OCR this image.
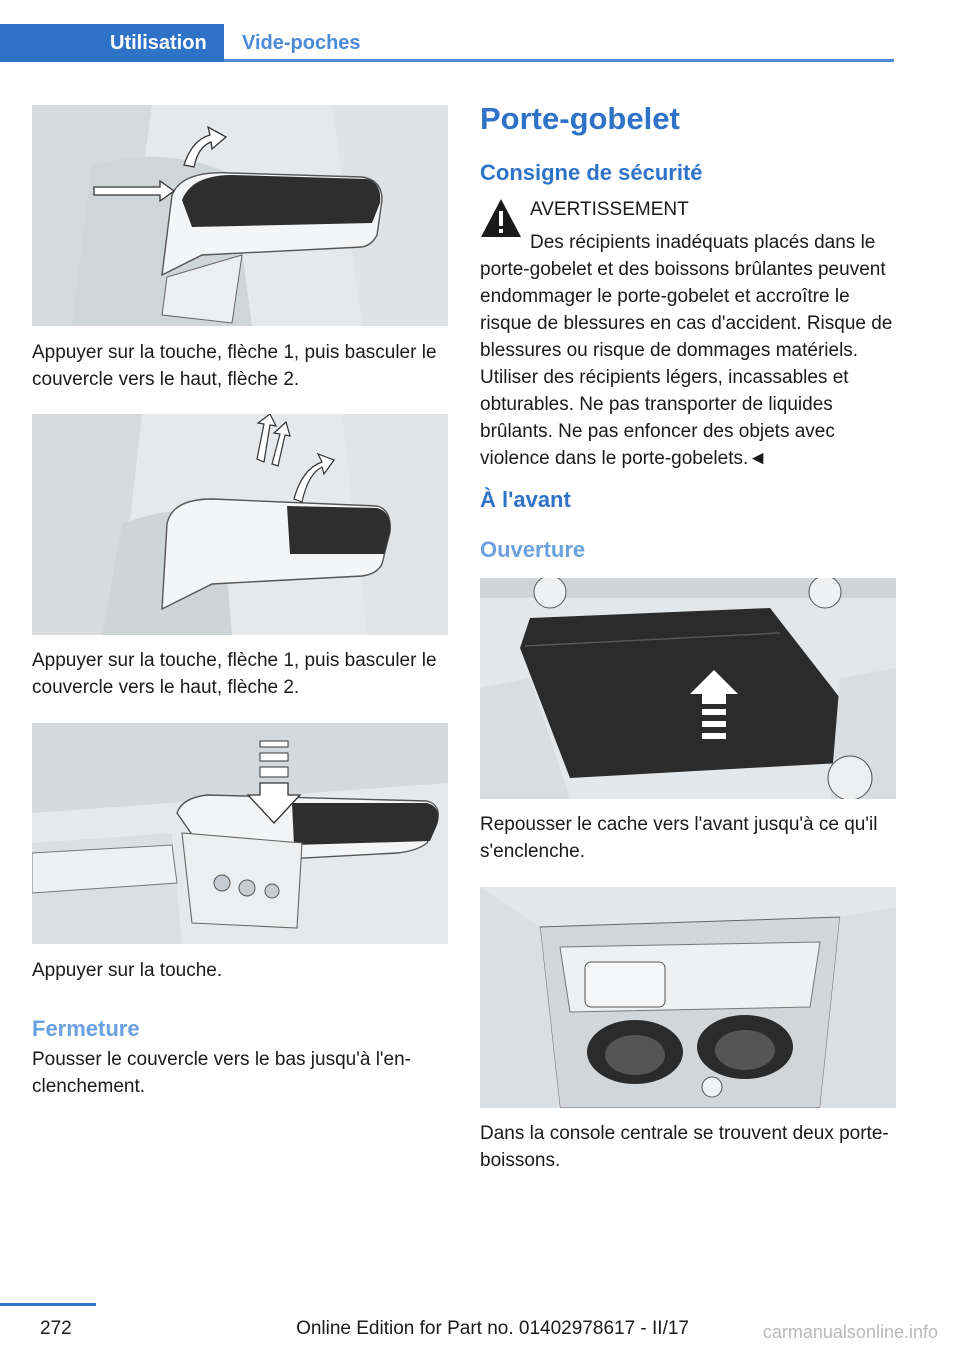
Utilisation	Vide-poches
Appuyer sur la touche, flèche 1, puis basculer le couvercle vers le haut, flèche 2.
Appuyer sur la touche, flèche 1, puis basculer le couvercle vers le haut, flèche 2.
Appuyer sur la touche.
Fermeture
Pousser le couvercle vers le bas jusqu'à l'enclenchement.
Porte-gobelet
Consigne de sécurité
AVERTISSEMENT
Des récipients inadéquats placés dans le porte-gobelet et des boissons brûlantes peuvent endommager le porte-gobelet et accroître le risque de blessures en cas d'accident. Risque de blessures ou risque de dommages matériels. Utiliser des récipients légers, incassables et obturables. Ne pas transporter de liquides brûlants. Ne pas enfoncer des objets avec violence dans le porte-gobelets.◄
À l'avant
Ouverture
Repousser le cache vers l'avant jusqu'à ce qu'il s'enclenche.
Dans la console centrale se trouvent deux porte-boissons.
272	Online Edition for Part no. 01402978617 - II/17	carmanualsonline.info
